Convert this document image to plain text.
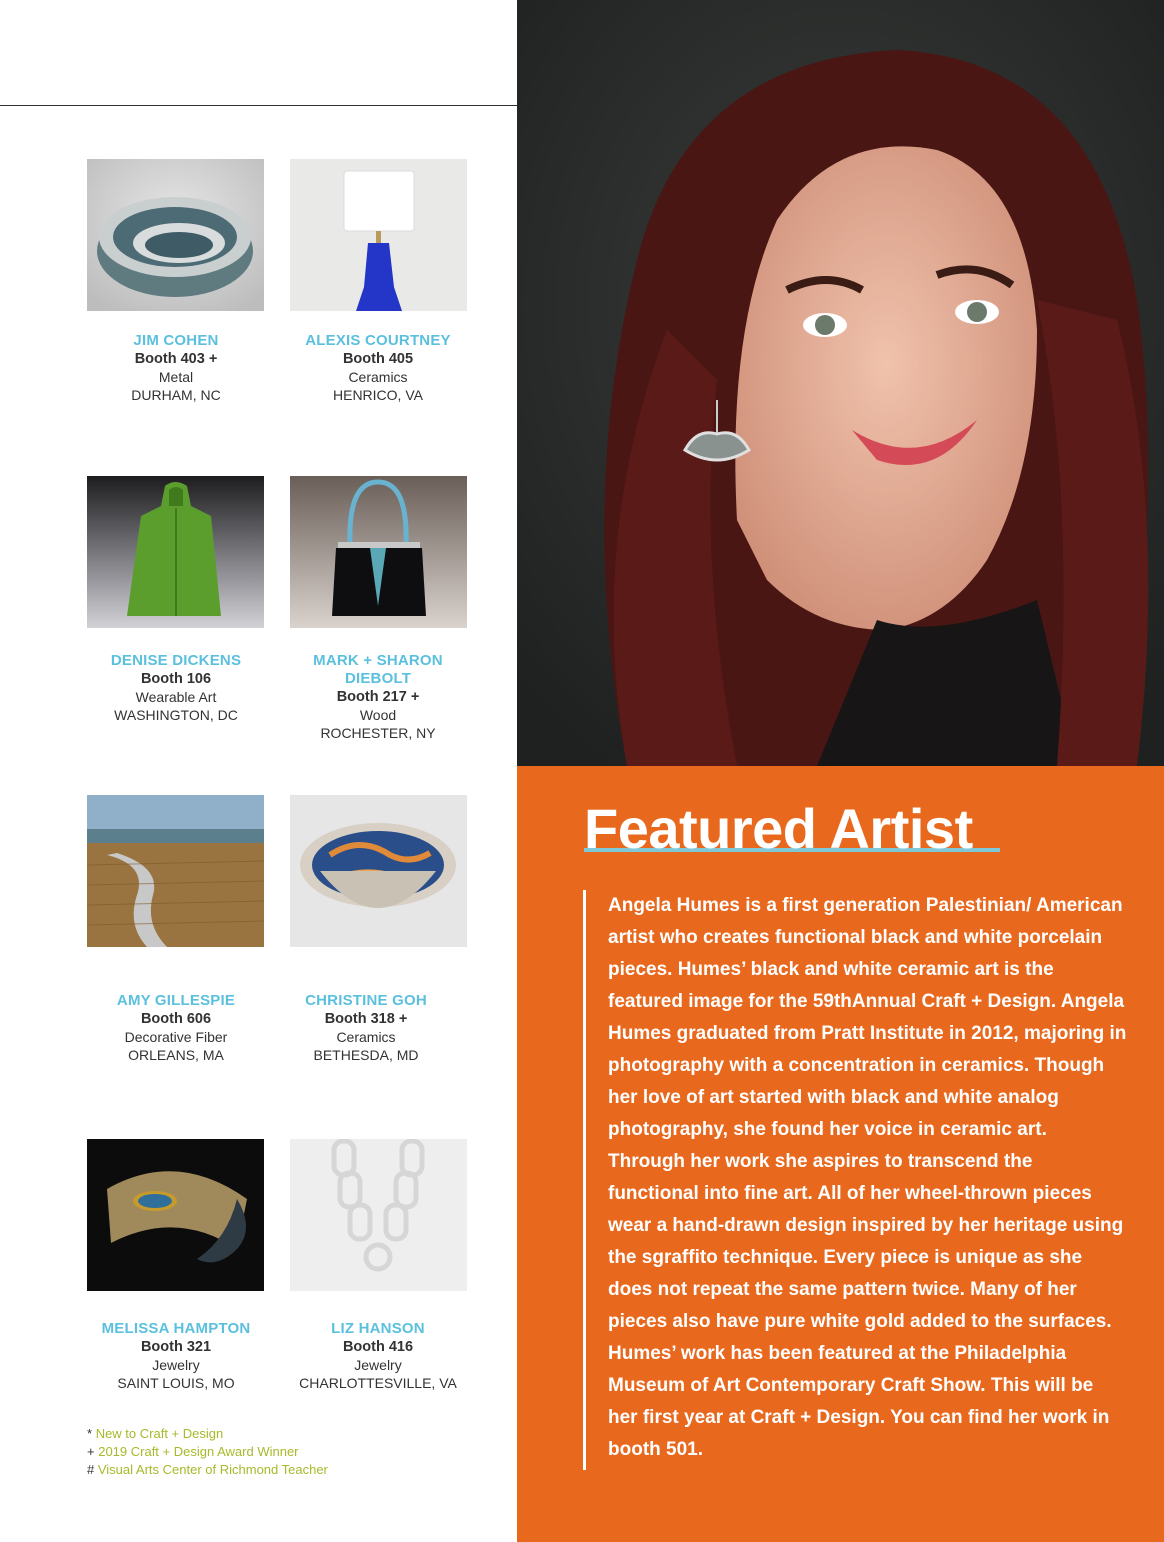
JIM COHEN
Booth 403 +
Metal
DURHAM, NC
ALEXIS COURTNEY
Booth 405
Ceramics
HENRICO, VA
DENISE DICKENS
Booth 106
Wearable Art
WASHINGTON, DC
MARK + SHARON DIEBOLT
Booth 217 +
Wood
ROCHESTER, NY
AMY GILLESPIE
Booth 606
Decorative Fiber
ORLEANS, MA
CHRISTINE GOH
Booth 318 +
Ceramics
BETHESDA, MD
MELISSA HAMPTON
Booth 321
Jewelry
SAINT LOUIS, MO
LIZ HANSON
Booth 416
Jewelry
CHARLOTTESVILLE, VA
* New to Craft + Design
+ 2019 Craft + Design Award Winner
# Visual Arts Center of Richmond Teacher
Featured Artist
Angela Humes is a first generation Palestinian/ American artist who creates functional black and white porcelain pieces. Humes’ black and white ceramic art is the featured image for the 59thAnnual Craft + Design. Angela Humes graduated from Pratt Institute in 2012, majoring in photography with a concentration in ceramics. Though her love of art started with black and white analog photography, she found her voice in ceramic art. Through her work she aspires to transcend the functional into fine art. All of her wheel-thrown pieces wear a hand-drawn design inspired by her heritage using the sgraffito technique. Every piece is unique as she does not repeat the same pattern twice. Many of her pieces also have pure white gold added to the surfaces. Humes’ work has been featured at the Philadelphia Museum of Art Contemporary Craft Show. This will be her first year at Craft + Design. You can find her work in booth 501.
